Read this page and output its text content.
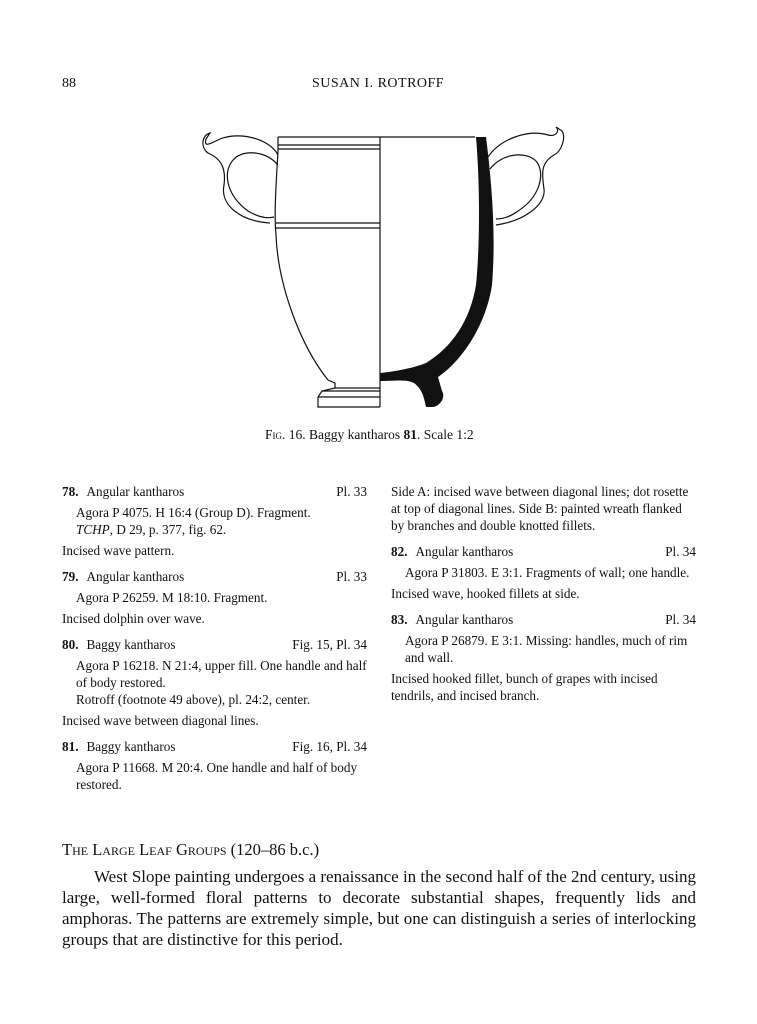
88	SUSAN I. ROTROFF
Fig. 16. Baggy kantharos 81. Scale 1:2
78. Angular kantharos	Pl. 33
Agora P 4075. H 16:4 (Group D). Fragment.
TCHP, D 29, p. 377, fig. 62.
Incised wave pattern.
79. Angular kantharos	Pl. 33
Agora P 26259. M 18:10. Fragment.
Incised dolphin over wave.
80. Baggy kantharos	Fig. 15, Pl. 34
Agora P 16218. N 21:4, upper fill. One handle and half of body restored.
Rotroff (footnote 49 above), pl. 24:2, center.
Incised wave between diagonal lines.
81. Baggy kantharos	Fig. 16, Pl. 34
Agora P 11668. M 20:4. One handle and half of body restored.
Side A: incised wave between diagonal lines; dot rosette at top of diagonal lines. Side B: painted wreath flanked by branches and double knotted fillets.
82. Angular kantharos	Pl. 34
Agora P 31803. E 3:1. Fragments of wall; one handle.
Incised wave, hooked fillets at side.
83. Angular kantharos	Pl. 34
Agora P 26879. E 3:1. Missing: handles, much of rim and wall.
Incised hooked fillet, bunch of grapes with incised tendrils, and incised branch.
The Large Leaf Groups (120–86 b.c.)
West Slope painting undergoes a renaissance in the second half of the 2nd century, using large, well-formed floral patterns to decorate substantial shapes, frequently lids and amphoras. The patterns are extremely simple, but one can distinguish a series of interlocking groups that are distinctive for this period.
